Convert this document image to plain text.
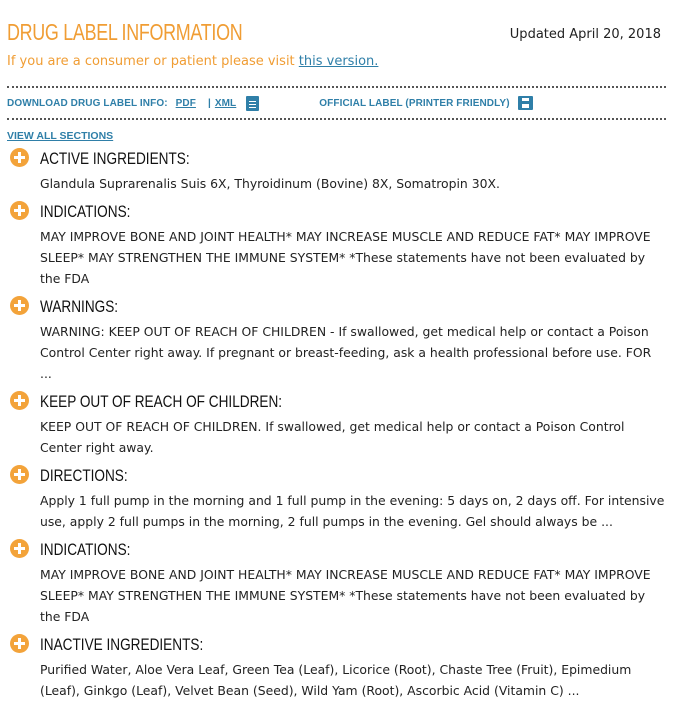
DRUG LABEL INFORMATION	Updated April 20, 2018
If you are a consumer or patient please visit this version.
DOWNLOAD DRUG LABEL INFO: PDF | XML	OFFICIAL LABEL (PRINTER FRIENDLY)
VIEW ALL SECTIONS
ACTIVE INGREDIENTS:
Glandula Suprarenalis Suis 6X, Thyroidinum (Bovine) 8X, Somatropin 30X.
INDICATIONS:
MAY IMPROVE BONE AND JOINT HEALTH* MAY INCREASE MUSCLE AND REDUCE FAT* MAY IMPROVE SLEEP* MAY STRENGTHEN THE IMMUNE SYSTEM* *These statements have not been evaluated by the FDA
WARNINGS:
WARNING: KEEP OUT OF REACH OF CHILDREN - If swallowed, get medical help or contact a Poison Control Center right away. If pregnant or breast-feeding, ask a health professional before use. FOR ...
KEEP OUT OF REACH OF CHILDREN:
KEEP OUT OF REACH OF CHILDREN. If swallowed, get medical help or contact a Poison Control Center right away.
DIRECTIONS:
Apply 1 full pump in the morning and 1 full pump in the evening: 5 days on, 2 days off. For intensive use, apply 2 full pumps in the morning, 2 full pumps in the evening. Gel should always be ...
INDICATIONS:
MAY IMPROVE BONE AND JOINT HEALTH* MAY INCREASE MUSCLE AND REDUCE FAT* MAY IMPROVE SLEEP* MAY STRENGTHEN THE IMMUNE SYSTEM* *These statements have not been evaluated by the FDA
INACTIVE INGREDIENTS:
Purified Water, Aloe Vera Leaf, Green Tea (Leaf), Licorice (Root), Chaste Tree (Fruit), Epimedium (Leaf), Ginkgo (Leaf), Velvet Bean (Seed), Wild Yam (Root), Ascorbic Acid (Vitamin C) ...
